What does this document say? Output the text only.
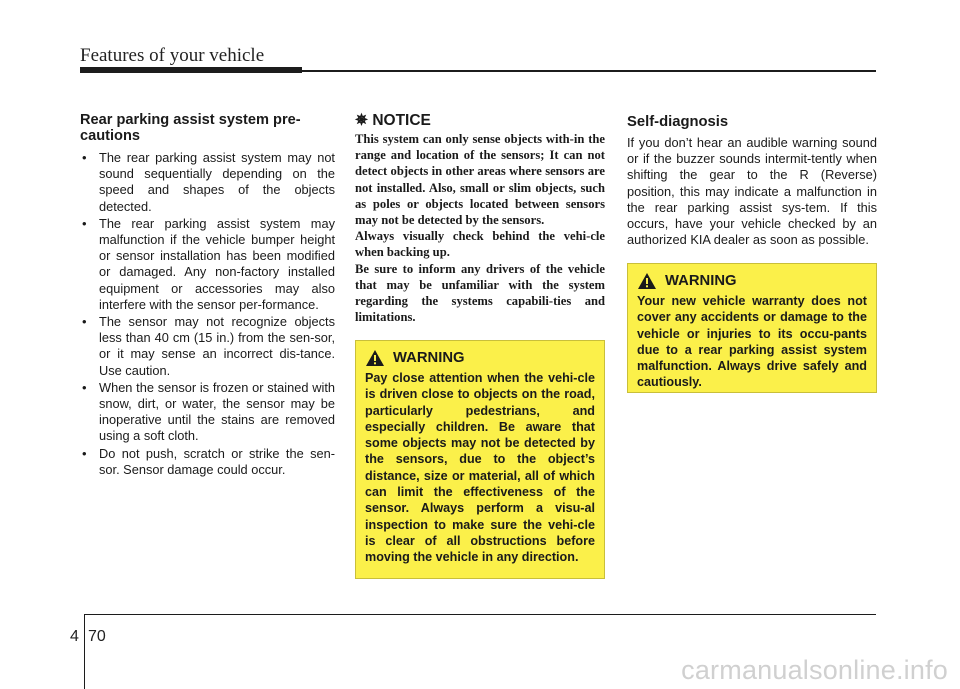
Features of your vehicle
Rear parking assist system pre-cautions
• The rear parking assist system may not sound sequentially depending on the speed and shapes of the objects detected.
• The rear parking assist system may malfunction if the vehicle bumper height or sensor installation has been modified or damaged. Any non-factory installed equipment or accessories may also interfere with the sensor per-formance.
• The sensor may not recognize objects less than 40 cm (15 in.) from the sen-sor, or it may sense an incorrect dis-tance. Use caution.
• When the sensor is frozen or stained with snow, dirt, or water, the sensor may be inoperative until the stains are removed using a soft cloth.
• Do not push, scratch or strike the sen-sor. Sensor damage could occur.
✵ NOTICE

This system can only sense objects with-in the range and location of the sensors; It can not detect objects in other areas where sensors are not installed. Also, small or slim objects, such as poles or objects located between sensors may not be detected by the sensors.

Always visually check behind the vehi-cle when backing up.

Be sure to inform any drivers of the vehicle that may be unfamiliar with the system regarding the systems capabili-ties and limitations.

WARNING

Pay close attention when the vehi-cle is driven close to objects on the road, particularly pedestrians, and especially children. Be aware that some objects may not be detected by the sensors, due to the object’s distance, size or material, all of which can limit the effectiveness of the sensor. Always perform a visu-al inspection to make sure the vehi-cle is clear of all obstructions before moving the vehicle in any direction.

Self-diagnosis

If you don’t hear an audible warning sound or if the buzzer sounds intermit-tently when shifting the gear to the R (Reverse) position, this may indicate a malfunction in the rear parking assist sys-tem. If this occurs, have your vehicle checked by an authorized KIA dealer as soon as possible.

WARNING

Your new vehicle warranty does not cover any accidents or damage to the vehicle or injuries to its occu-pants due to a rear parking assist system malfunction. Always drive safely and cautiously.

4 70
carmanualsonline.info
